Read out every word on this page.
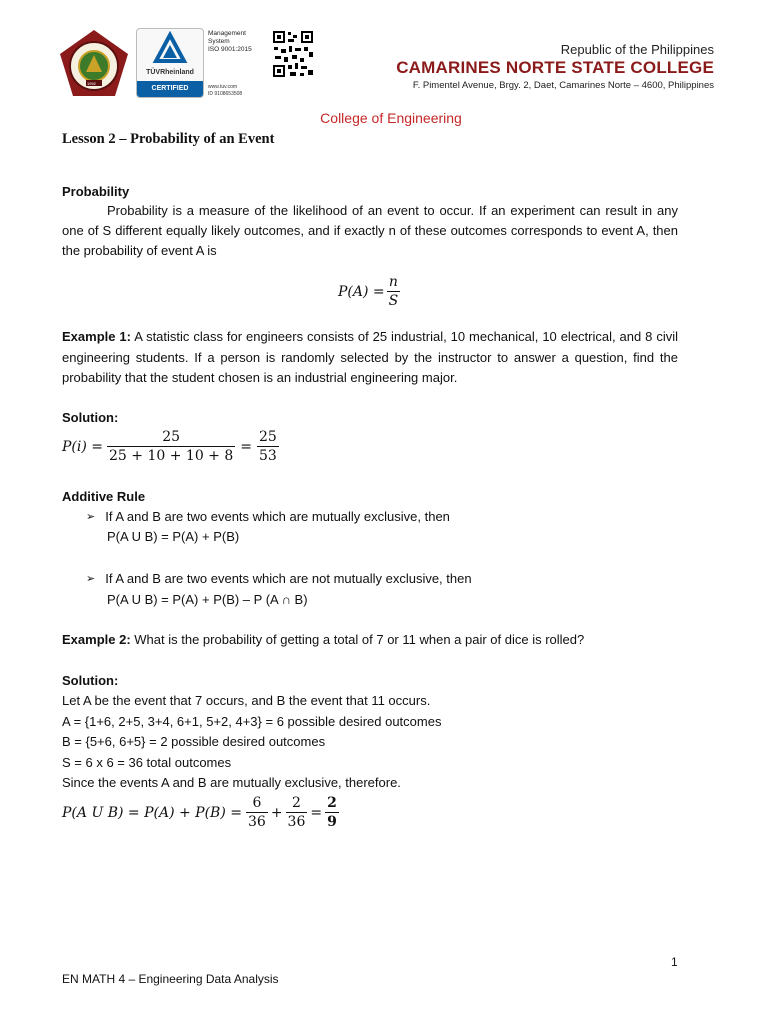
1992
TÜVRheinland
CERTIFIED
Management
System
ISO 9001:2015
www.tuv.com
ID 9108653508
Republic of the Philippines
CAMARINES NORTE STATE COLLEGE
F. Pimentel Avenue, Brgy. 2, Daet, Camarines Norte – 4600, Philippines
College of Engineering
Lesson 2 – Probability of an Event
Probability
Probability is a measure of the likelihood of an event to occur. If an experiment can result in any one of S different equally likely outcomes, and if exactly n of these outcomes corresponds to event A, then the probability of event A is
$P(A) = \frac{n}{S}$
Example 1: A statistic class for engineers consists of 25 industrial, 10 mechanical, 10 electrical, and 8 civil engineering students. If a person is randomly selected by the instructor to answer a question, find the probability that the student chosen is an industrial engineering major.
Solution:
$P(i) = \frac{25}{25 + 10 + 10 + 8} = \frac{25}{53}$
Additive Rule
➢ If A and B are two events which are mutually exclusive, then
P(A U B) = P(A) + P(B)
➢ If A and B are two events which are not mutually exclusive, then
P(A U B) = P(A) + P(B) – P (A ∩ B)
Example 2: What is the probability of getting a total of 7 or 11 when a pair of dice is rolled?
Solution:
Let A be the event that 7 occurs, and B the event that 11 occurs.
A = {1+6, 2+5, 3+4, 6+1, 5+2, 4+3} = 6 possible desired outcomes
B = {5+6, 6+5} = 2 possible desired outcomes
S = 6 x 6 = 36 total outcomes
Since the events A and B are mutually exclusive, therefore.
P(A U $B) = P(A) + P(B) = \frac{6}{36} + \frac{2}{36} = \frac{2}{9}$
1
EN MATH 4 – Engineering Data Analysis
